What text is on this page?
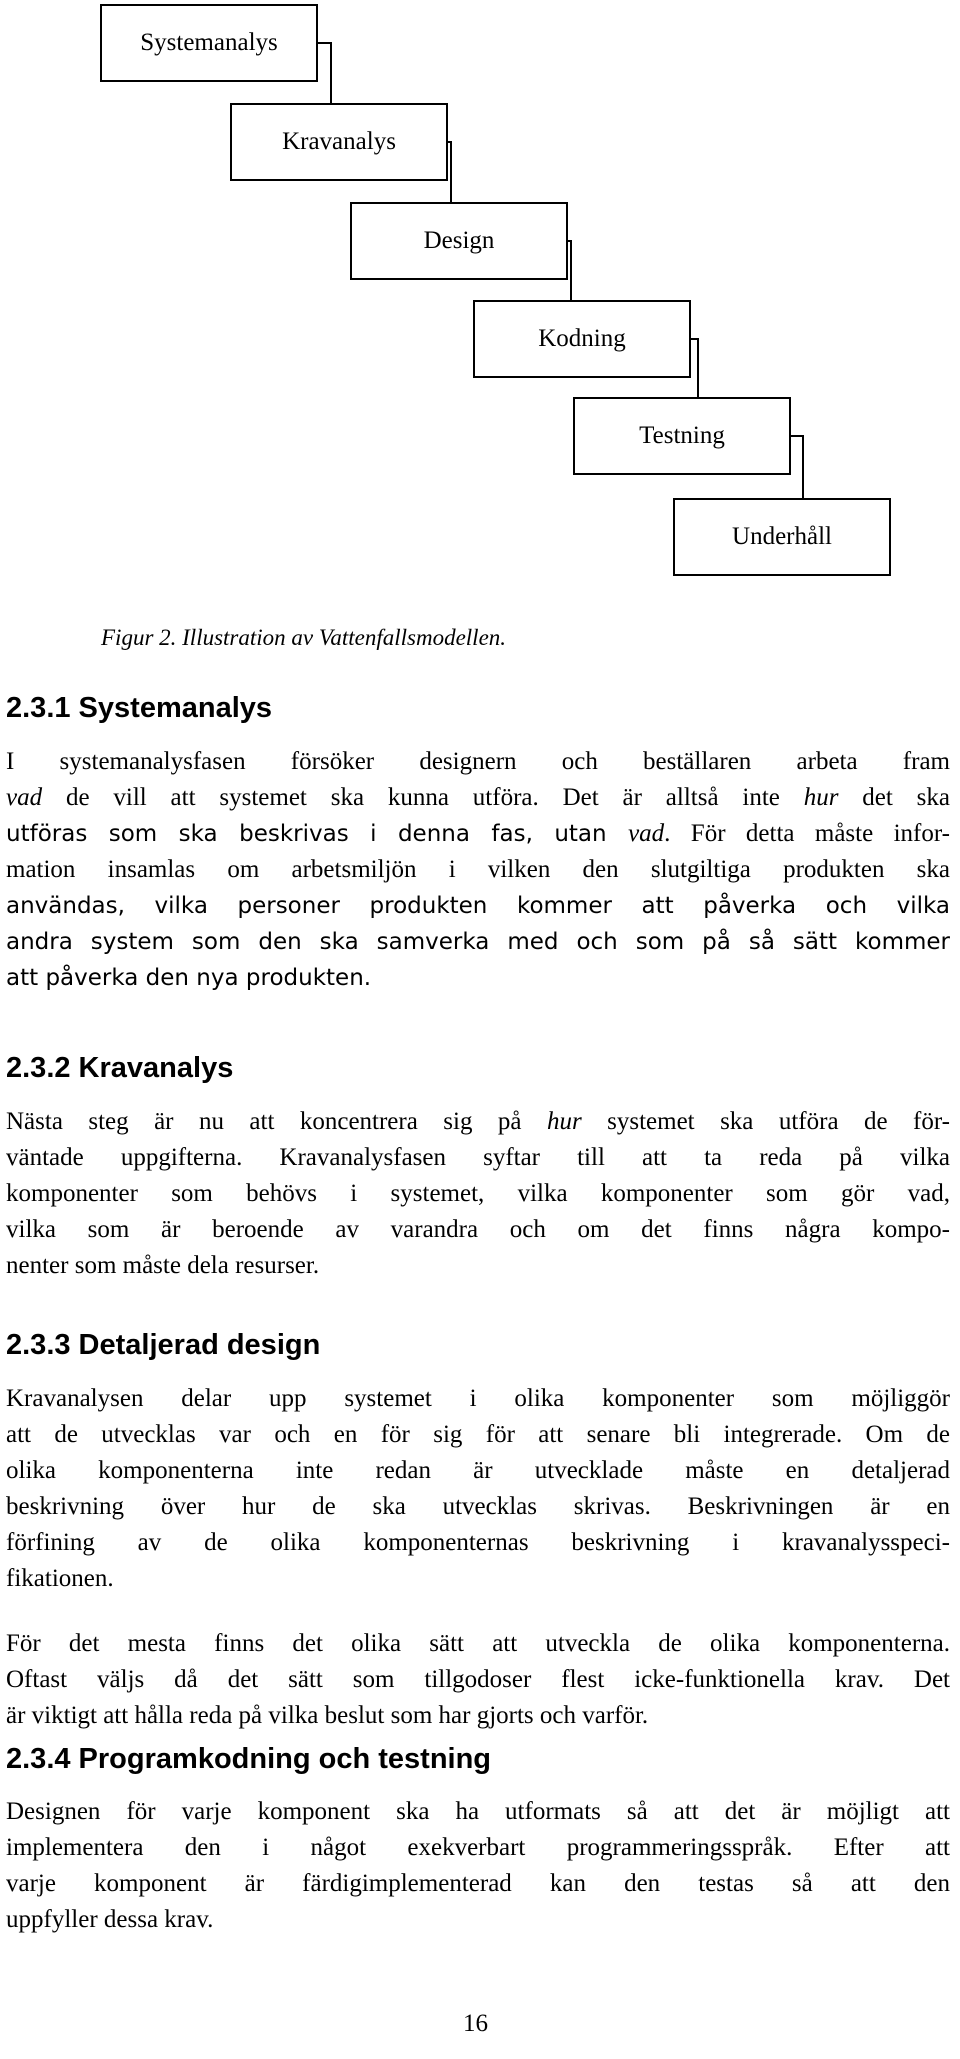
Systemanalys
Kravanalys
Design
Kodning
Testning
Underhåll
Figur 2. Illustration av Vattenfallsmodellen.
2.3.1 Systemanalys
I systemanalysfasen försöker designern och beställaren arbeta fram
vad de vill att systemet ska kunna utföra. Det är alltså inte hur det ska
utföras som ska beskrivas i denna fas, utan vad. För detta måste infor-
mation insamlas om arbetsmiljön i vilken den slutgiltiga produkten ska
användas, vilka personer produkten kommer att påverka och vilka
andra system som den ska samverka med och som på så sätt kommer
att påverka den nya produkten.
2.3.2 Kravanalys
Nästa steg är nu att koncentrera sig på hur systemet ska utföra de för-
väntade uppgifterna. Kravanalysfasen syftar till att ta reda på vilka
komponenter som behövs i systemet, vilka komponenter som gör vad,
vilka som är beroende av varandra och om det finns några kompo-
nenter som måste dela resurser.
2.3.3 Detaljerad design
Kravanalysen delar upp systemet i olika komponenter som möjliggör
att de utvecklas var och en för sig för att senare bli integrerade. Om de
olika komponenterna inte redan är utvecklade måste en detaljerad
beskrivning över hur de ska utvecklas skrivas. Beskrivningen är en
förfining av de olika komponenternas beskrivning i kravanalysspeci-
fikationen.
För det mesta finns det olika sätt att utveckla de olika komponenterna.
Oftast väljs då det sätt som tillgodoser flest icke-funktionella krav. Det
är viktigt att hålla reda på vilka beslut som har gjorts och varför.
2.3.4 Programkodning och testning
Designen för varje komponent ska ha utformats så att det är möjligt att
implementera den i något exekverbart programmeringsspråk. Efter att
varje komponent är färdigimplementerad kan den testas så att den
uppfyller dessa krav.
16
